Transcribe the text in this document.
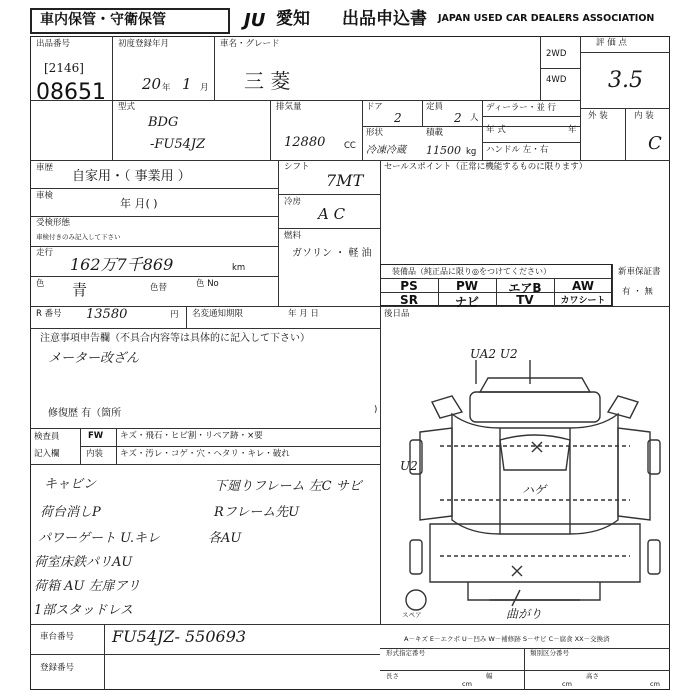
車内保管・守衛保管	JU 愛知 出品申込書 JAPAN USED CAR DEALERS ASSOCIATION
出品番号
[2146]
08651
初度登録年月
20 年 1 月
車名・グレード
三 菱
2WD
4WD
評 価 点
3.5
外 装	内 装
C
型式
BDG
-FU54JZ
排気量
12880 CC
ドア
2
定員
2 人
形状
冷凍冷蔵
積載
11500 kg
ディーラー・並 行
年 式	年
ハンドル 左・右
車歴
自家用・（ 事業用 ）
車検
年 月( )
受検形態
車検付きのみ記入して下さい
走行
162万7千869	km
色 青	色替	色 No
シフト
7MT
冷房
A C
燃料
ガソリン ・ 軽 油
セールスポイント（正常に機能するものに限ります）
装備品（純正品に限り◎をつけてください）
PS	PW	エアB	AW
SR	ナビ	TV	カワシート
新車保証書
有 ・ 無
R 番号 13580	円 名変通知期限	年 月 日	後日品
注意事項申告欄（不具合内容等は具体的に記入して下さい）
メーター改ざん
修復歴 有（箇所	)
検査員
記入欄
FW キズ・飛石・ヒビ割・リペア跡・×要
内装 キズ・汚レ・コゲ・穴・ヘタリ・キレ・破れ
キャビン
荷台消しP
パワーゲート U.キレ
荷室床鉄パリAU
荷箱 AU 左扉アリ
1部スタッドレス
下廻りフレーム 左C サビ
Rフレーム先U
各AU
車台番号 FU54JZ- 550693
登録番号
形式指定番号	類別区分番号
長さ	幅	高さ
cm	cm	cm
A－キズ E－エクボ U－凹み W－補修跡 S－サビ C－腐食 XX－交換済
UA2 U2
U2
ハゲ
曲がり
スペア
